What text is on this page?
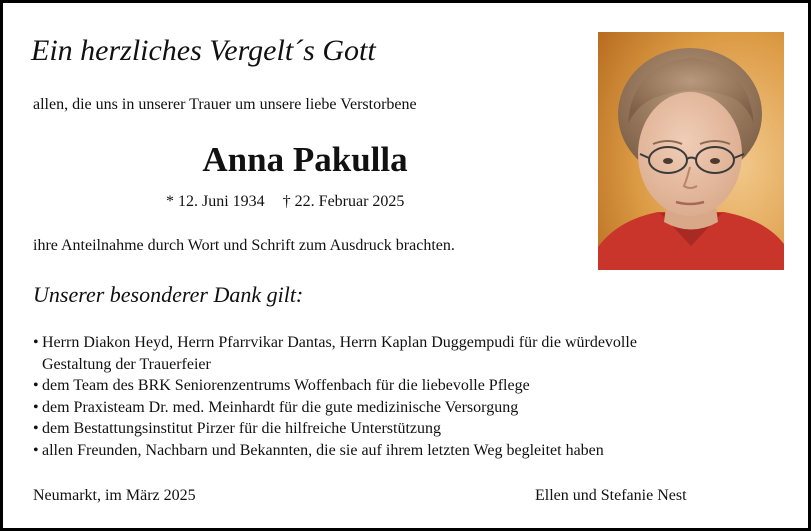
Ein herzliches Vergelt´s Gott
allen, die uns in unserer Trauer um unsere liebe Verstorbene
Anna Pakulla
* 12. Juni 1934 † 22. Februar 2025
ihre Anteilnahme durch Wort und Schrift zum Ausdruck brachten.
Unserer besonderer Dank gilt:
• Herrn Diakon Heyd, Herrn Pfarrvikar Dantas, Herrn Kaplan Duggempudi für die würdevolle
Gestaltung der Trauerfeier
• dem Team des BRK Seniorenzentrums Woffenbach für die liebevolle Pflege
• dem Praxisteam Dr. med. Meinhardt für die gute medizinische Versorgung
• dem Bestattungsinstitut Pirzer für die hilfreiche Unterstützung
• allen Freunden, Nachbarn und Bekannten, die sie auf ihrem letzten Weg begleitet haben
Neumarkt, im März 2025	Ellen und Stefanie Nest
